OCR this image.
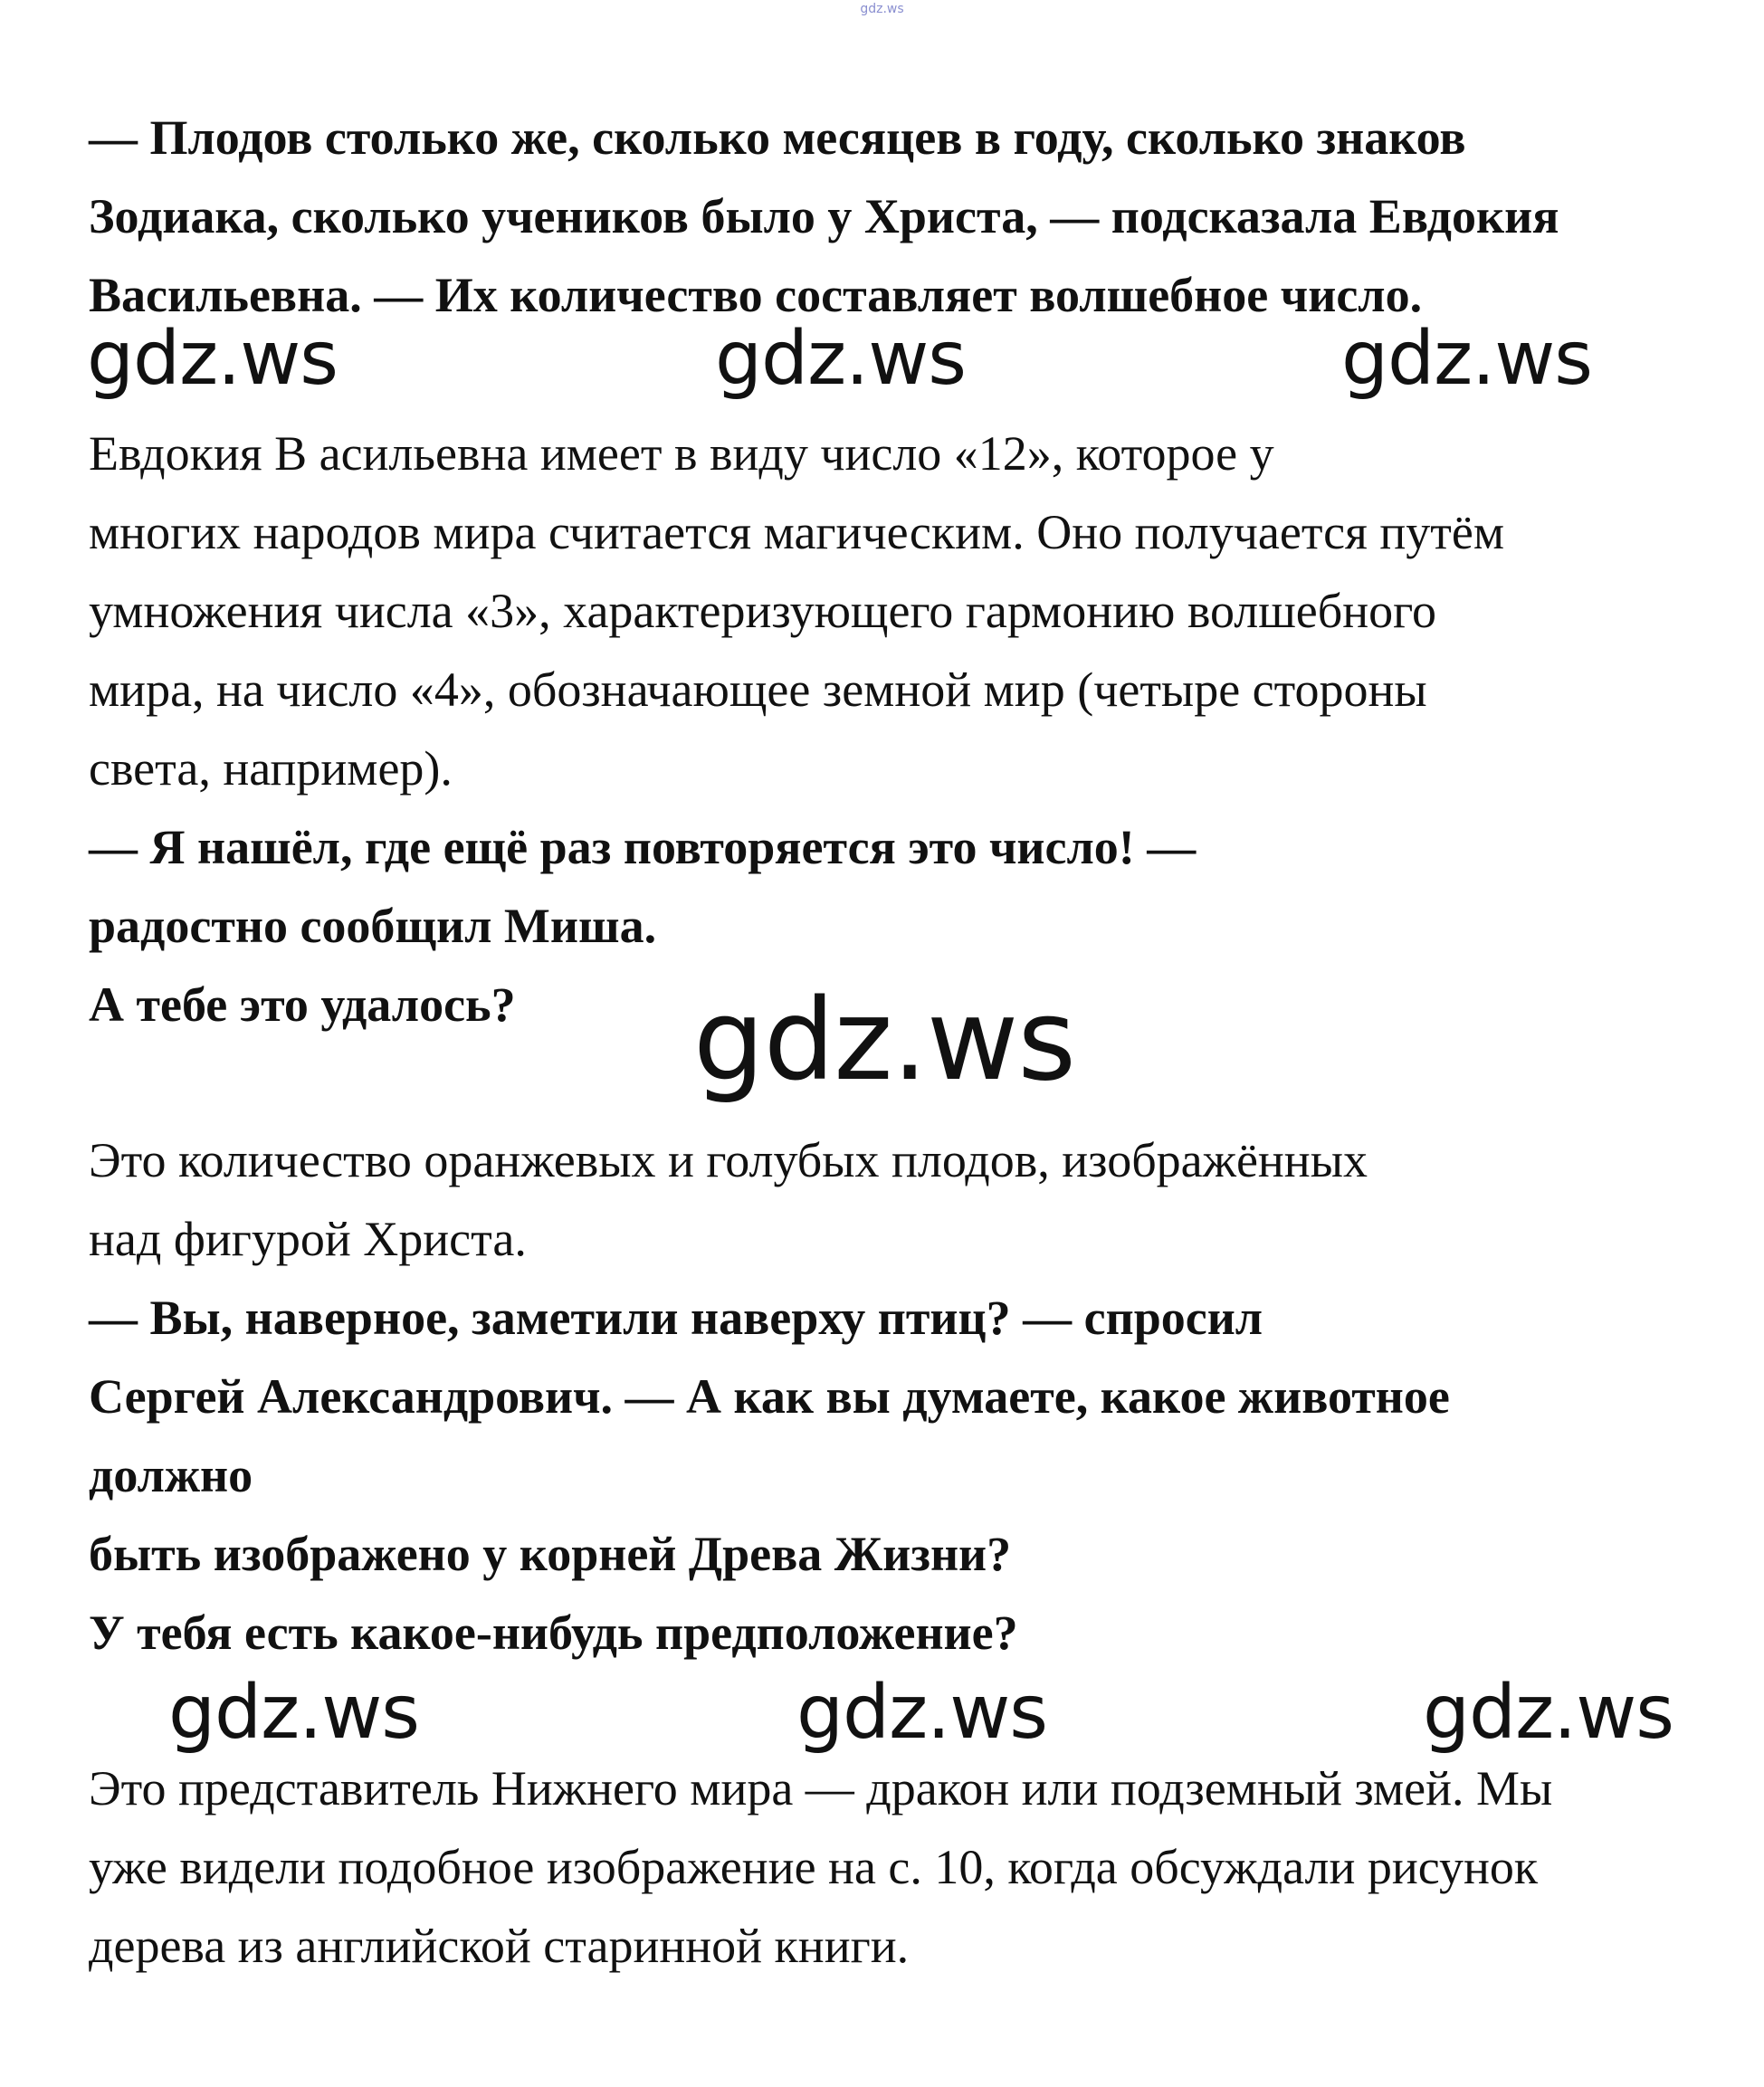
gdz.ws
— Плодов столько же, сколько месяцев в году, сколько знаков
Зодиака, сколько учеников было у Христа, — подсказала Евдокия
Васильевна. — Их количество составляет волшебное число.
gdz.ws	gdz.ws	gdz.ws
Евдокия В асильевна имеет в виду число «12», которое у
многих народов мира считается магическим. Оно получается путём
умножения числа «3», характеризующего гармонию волшебного
мира, на число «4», обозначающее земной мир (четыре стороны
света, например).
— Я нашёл, где ещё раз повторяется это число! —
радостно сообщил Миша.
А тебе это удалось? gdz.ws
Это количество оранжевых и голубых плодов, изображённых
над фигурой Христа.
— Вы, наверное, заметили наверху птиц? — спросил
Сергей Александрович. — А как вы думаете, какое животное
должно
быть изображено у корней Древа Жизни?
У тебя есть какое-нибудь предположение?
gdz.ws	gdz.ws	gdz.ws
Это представитель Нижнего мира — дракон или подземный змей. Мы
уже видели подобное изображение на с. 10, когда обсуждали рисунок
дерева из английской старинной книги.
